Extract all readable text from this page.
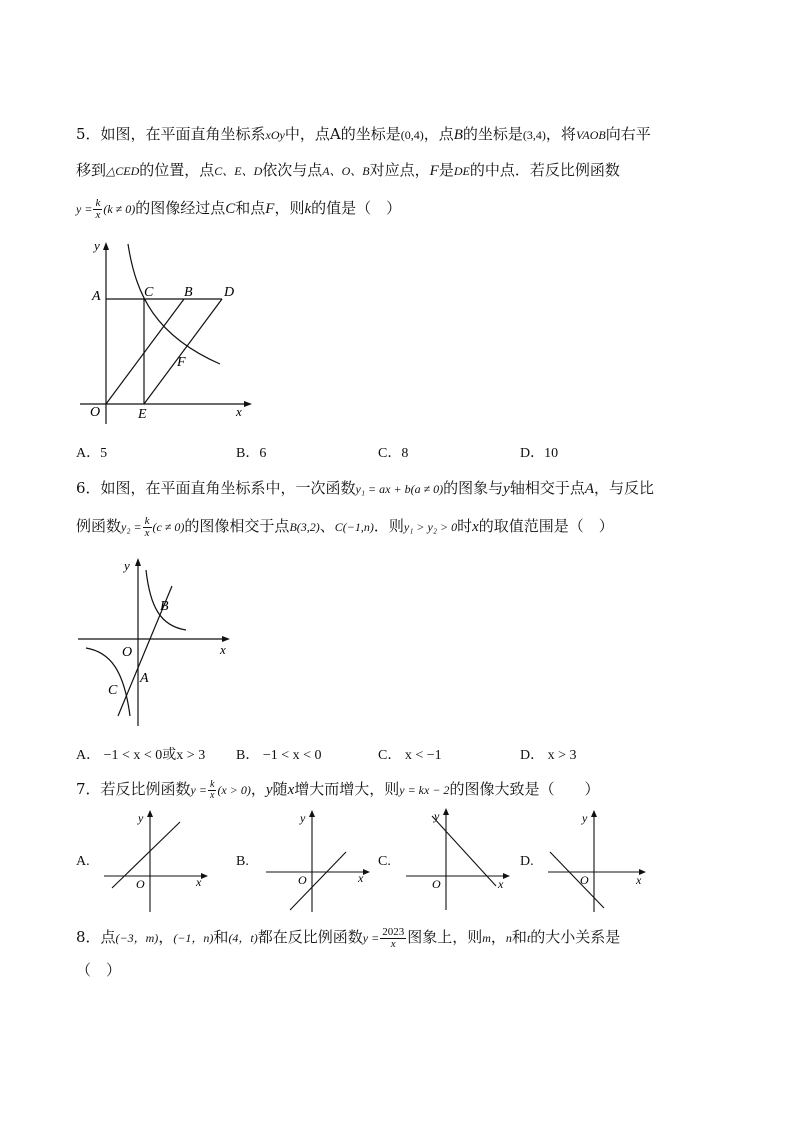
5．如图，在平面直角坐标系xOy中，点A的坐标是(0,4)，点B的坐标是(3,4)，将VAOB向右平
移到△CED的位置，点C、E、D依次与点A、O、B对应点，F是DE的中点．若反比例函数
$y = \frac{k}{x} (k \ne 0)$的图像经过点C和点F，则k的值是（　）
y
A	C B D
F
O	E	x
A．5	B．6	C．8	D．10
6．如图，在平面直角坐标系中，一次函数y₁ = ax + b(a ≠ 0)的图象与y轴相交于点A，与反比
例函数$y_2 = \frac{k}{x} (c \ne 0)$的图像相交于点B(3,2)、C(−1,n)．则y₁ > y₂ > 0时x的取值范围是（　）
y
B
O	x
C
A
A． −1 < x < 0或x > 3 B． −1 < x < 0	C． x < −1	D． x > 3
7．若反比例函数$y = \frac{k}{x} (x > 0)$，y随x增大而增大，则y = kx − 2的图像大致是（　　）
A.
y
O	x
B.
y
O	x
C.
y
O	x
D.
y
O	x
8．点(−3，m)，(−1，n)和(4，t)都在反比例函数$y = \frac{2023}{x}$ 图象上，则m，n和t的大小关系是
（　）
